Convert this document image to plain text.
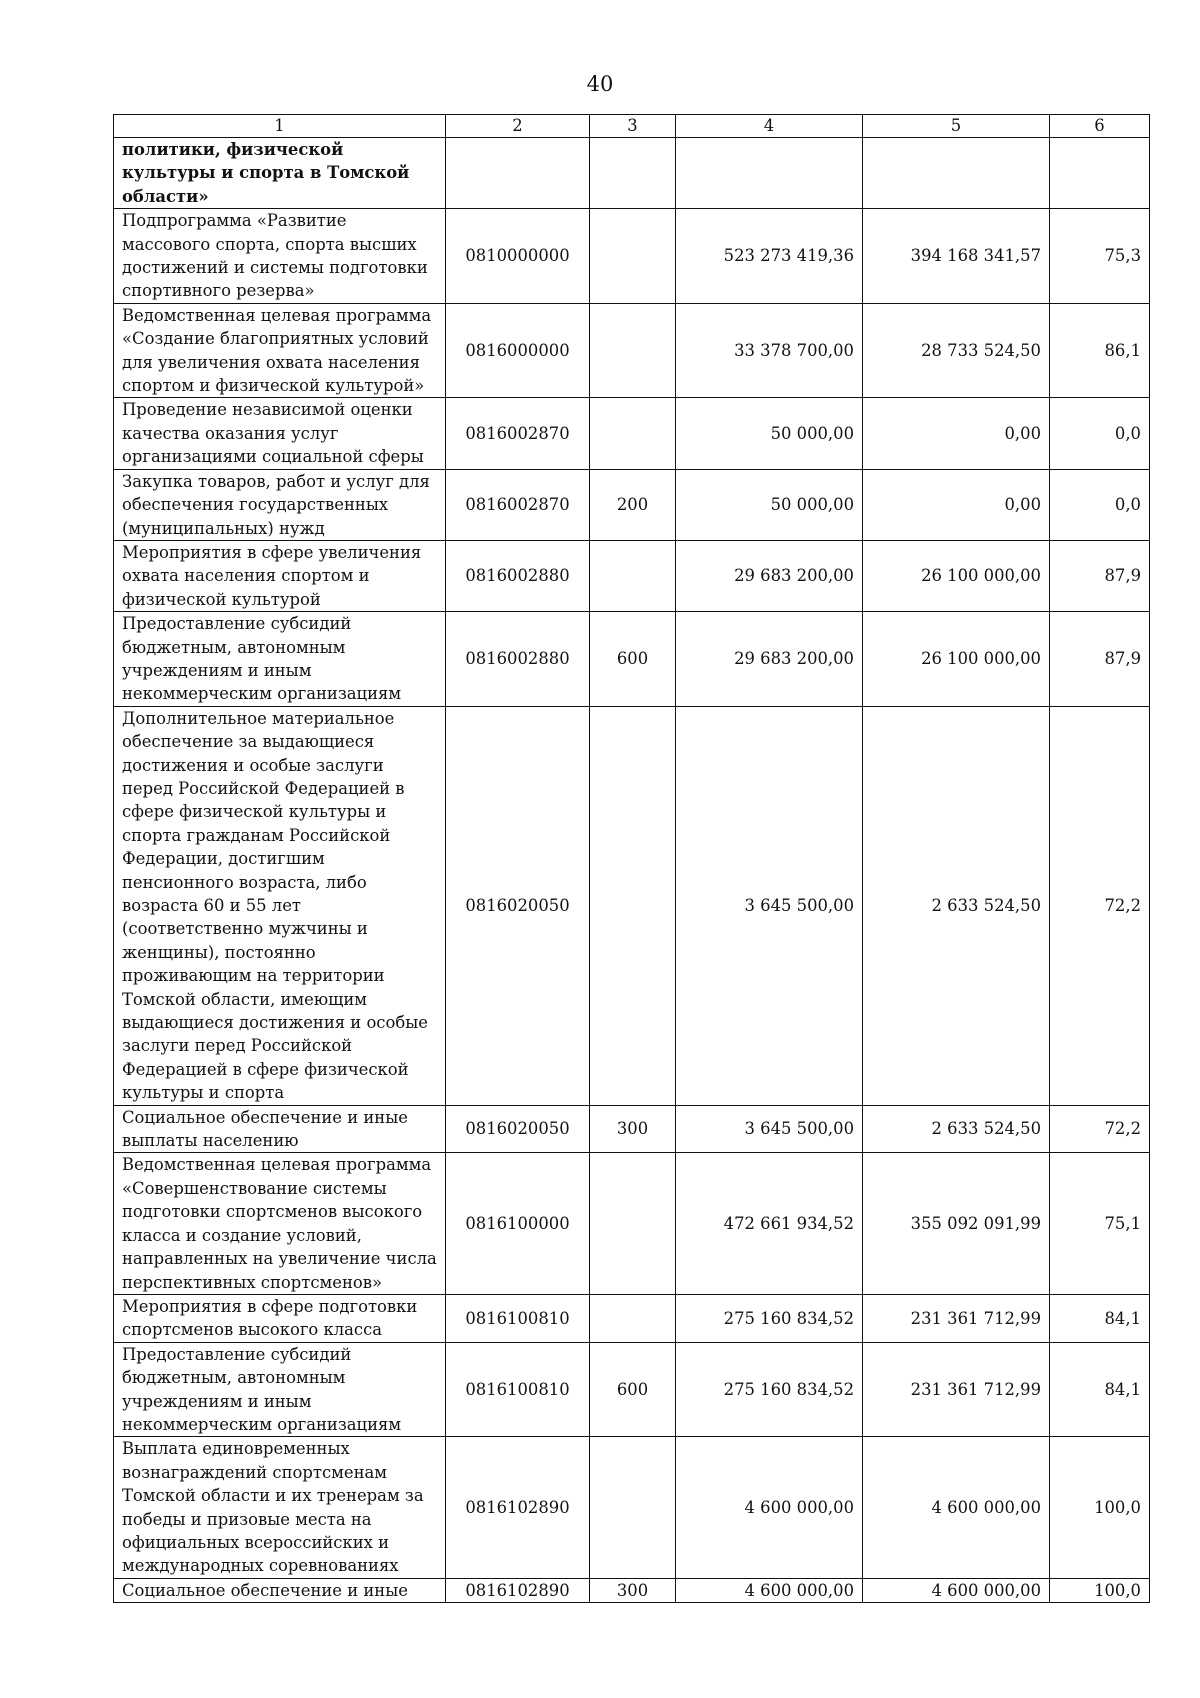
40
1	2	3	4	5	6
политики, физической культуры и спорта в Томской области»					
Подпрограмма «Развитие массового спорта, спорта высших достижений и системы подготовки спортивного резерва»	0810000000		523 273 419,36	394 168 341,57	75,3
Ведомственная целевая программа «Создание благоприятных условий для увеличения охвата населения спортом и физической культурой»	0816000000		33 378 700,00	28 733 524,50	86,1
Проведение независимой оценки качества оказания услуг организациями социальной сферы	0816002870		50 000,00	0,00	0,0
Закупка товаров, работ и услуг для обеспечения государственных (муниципальных) нужд	0816002870	200	50 000,00	0,00	0,0
Мероприятия в сфере увеличения охвата населения спортом и физической культурой	0816002880		29 683 200,00	26 100 000,00	87,9
Предоставление субсидий бюджетным, автономным учреждениям и иным некоммерческим организациям	0816002880	600	29 683 200,00	26 100 000,00	87,9
Дополнительное материальное обеспечение за выдающиеся достижения и особые заслуги перед Российской Федерацией в сфере физической культуры и спорта гражданам Российской Федерации, достигшим пенсионного возраста, либо возраста 60 и 55 лет (соответственно мужчины и женщины), постоянно проживающим на территории Томской области, имеющим выдающиеся достижения и особые заслуги перед Российской Федерацией в сфере физической культуры и спорта	0816020050		3 645 500,00	2 633 524,50	72,2
Социальное обеспечение и иные выплаты населению	0816020050	300	3 645 500,00	2 633 524,50	72,2
Ведомственная целевая программа «Совершенствование системы подготовки спортсменов высокого класса и создание условий, направленных на увеличение числа перспективных спортсменов»	0816100000		472 661 934,52	355 092 091,99	75,1
Мероприятия в сфере подготовки спортсменов высокого класса	0816100810		275 160 834,52	231 361 712,99	84,1
Предоставление субсидий бюджетным, автономным учреждениям и иным некоммерческим организациям	0816100810	600	275 160 834,52	231 361 712,99	84,1
Выплата единовременных вознаграждений спортсменам Томской области и их тренерам за победы и призовые места на официальных всероссийских и международных соревнованиях	0816102890		4 600 000,00	4 600 000,00	100,0
Социальное обеспечение и иные	0816102890	300	4 600 000,00	4 600 000,00	100,0
